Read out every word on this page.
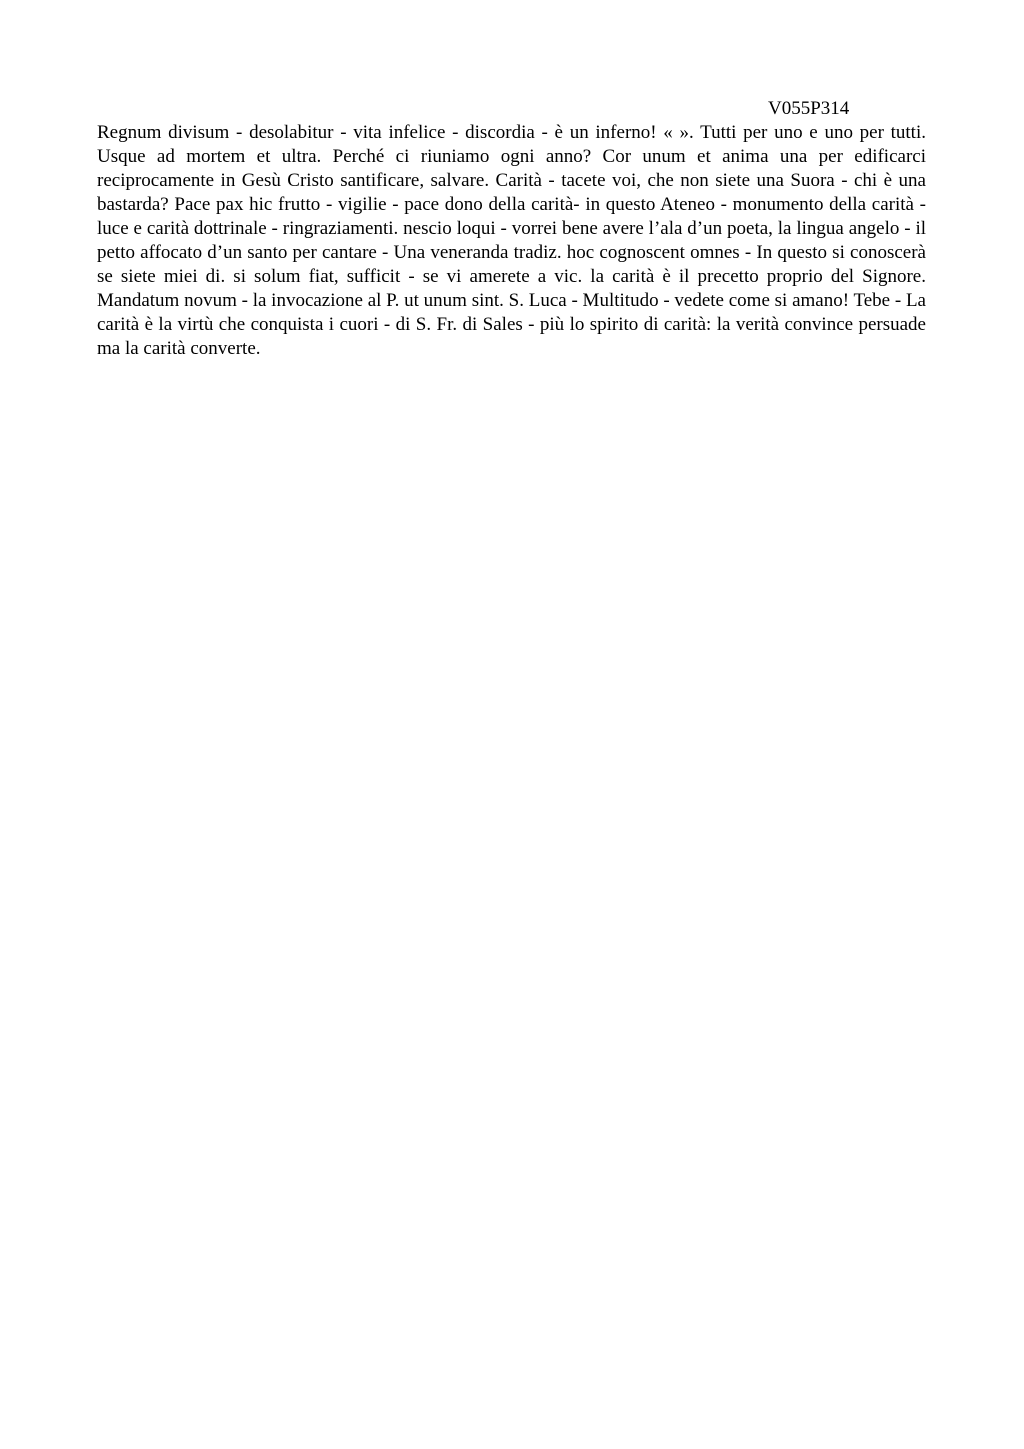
V055P314

Regnum divisum - desolabitur - vita infelice - discordia - è un inferno! « ». Tutti per uno e uno per tutti. Usque ad mortem et ultra. Perché ci riuniamo ogni anno? Cor unum et anima una per edificarci reciprocamente in Gesù Cristo santificare, salvare. Carità - tacete voi, che non siete una Suora - chi è una bastarda? Pace pax hic frutto - vigilie - pace dono della carità- in questo Ateneo - monumento della carità - luce e carità dottrinale - ringraziamenti. nescio loqui - vorrei bene avere l’ala d’un poeta, la lingua angelo - il petto affocato d’un santo per cantare - Una veneranda tradiz. hoc cognoscent omnes - In questo si conoscerà se siete miei di. si solum fiat, sufficit - se vi amerete a vic. la carità è il precetto proprio del Signore. Mandatum novum - la invocazione al P. ut unum sint. S. Luca - Multitudo - vedete come si amano! Tebe - La carità è la virtù che conquista i cuori - di S. Fr. di Sales - più lo spirito di carità: la verità convince persuade ma la carità converte.
